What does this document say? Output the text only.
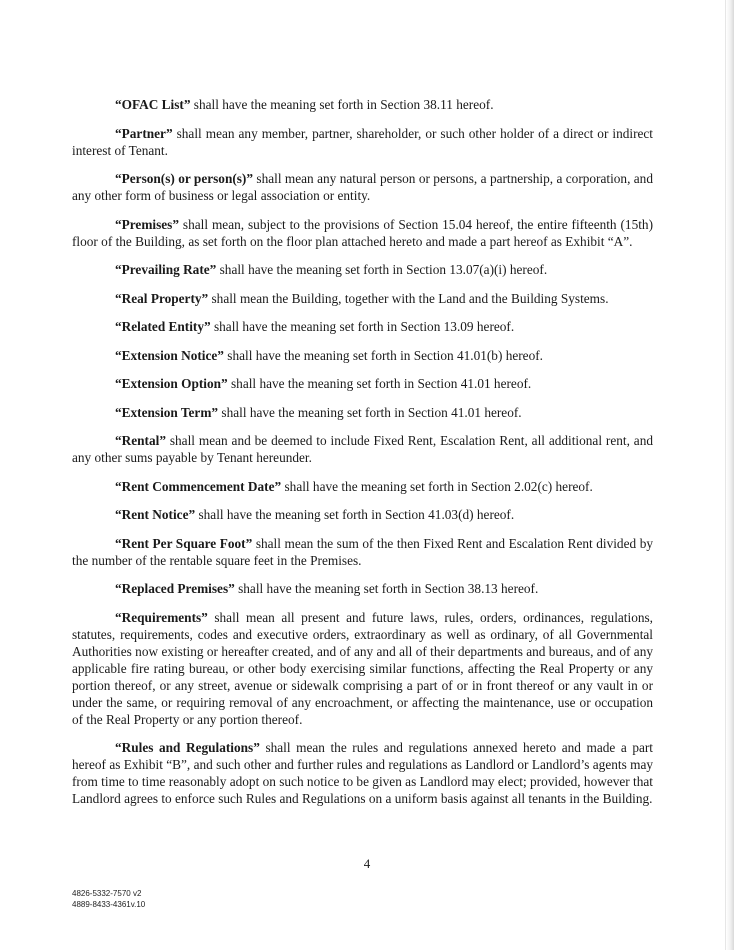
“OFAC List” shall have the meaning set forth in Section 38.11 hereof.

“Partner” shall mean any member, partner, shareholder, or such other holder of a direct or indirect interest of Tenant.

“Person(s) or person(s)” shall mean any natural person or persons, a partnership, a corporation, and any other form of business or legal association or entity.

“Premises” shall mean, subject to the provisions of Section 15.04 hereof, the entire fifteenth (15th) floor of the Building, as set forth on the floor plan attached hereto and made a part hereof as Exhibit “A”.

“Prevailing Rate” shall have the meaning set forth in Section 13.07(a)(i) hereof.

“Real Property” shall mean the Building, together with the Land and the Building Systems.

“Related Entity” shall have the meaning set forth in Section 13.09 hereof.

“Extension Notice” shall have the meaning set forth in Section 41.01(b) hereof.

“Extension Option” shall have the meaning set forth in Section 41.01 hereof.

“Extension Term” shall have the meaning set forth in Section 41.01 hereof.

“Rental” shall mean and be deemed to include Fixed Rent, Escalation Rent, all additional rent, and any other sums payable by Tenant hereunder.

“Rent Commencement Date” shall have the meaning set forth in Section 2.02(c) hereof.

“Rent Notice” shall have the meaning set forth in Section 41.03(d) hereof.

“Rent Per Square Foot” shall mean the sum of the then Fixed Rent and Escalation Rent divided by the number of the rentable square feet in the Premises.

“Replaced Premises” shall have the meaning set forth in Section 38.13 hereof.

“Requirements” shall mean all present and future laws, rules, orders, ordinances, regulations, statutes, requirements, codes and executive orders, extraordinary as well as ordinary, of all Governmental Authorities now existing or hereafter created, and of any and all of their departments and bureaus, and of any applicable fire rating bureau, or other body exercising similar functions, affecting the Real Property or any portion thereof, or any street, avenue or sidewalk comprising a part of or in front thereof or any vault in or under the same, or requiring removal of any encroachment, or affecting the maintenance, use or occupation of the Real Property or any portion thereof.

“Rules and Regulations” shall mean the rules and regulations annexed hereto and made a part hereof as Exhibit “B”, and such other and further rules and regulations as Landlord or Landlord’s agents may from time to time reasonably adopt on such notice to be given as Landlord may elect; provided, however that Landlord agrees to enforce such Rules and Regulations on a uniform basis against all tenants in the Building.

4
4826-5332-7570 v2
4889-8433-4361v.10
